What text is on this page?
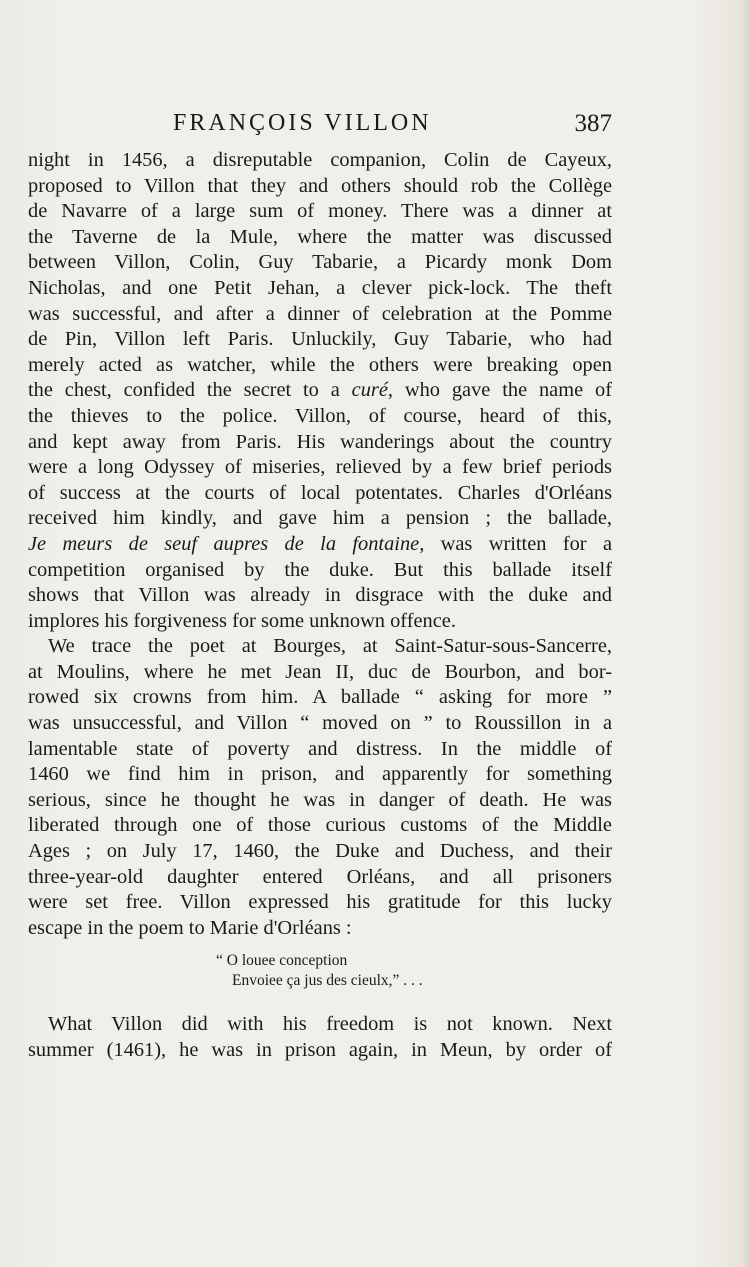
FRANÇOIS VILLON	387
night in 1456, a disreputable companion, Colin de Cayeux,
proposed to Villon that they and others should rob the Collège
de Navarre of a large sum of money. There was a dinner at
the Taverne de la Mule, where the matter was discussed
between Villon, Colin, Guy Tabarie, a Picardy monk Dom
Nicholas, and one Petit Jehan, a clever pick-lock. The theft
was successful, and after a dinner of celebration at the Pomme
de Pin, Villon left Paris. Unluckily, Guy Tabarie, who had
merely acted as watcher, while the others were breaking open
the chest, confided the secret to a curé, who gave the name of
the thieves to the police. Villon, of course, heard of this,
and kept away from Paris. His wanderings about the country
were a long Odyssey of miseries, relieved by a few brief periods
of success at the courts of local potentates. Charles d'Orléans
received him kindly, and gave him a pension ; the ballade,
Je meurs de seuf aupres de la fontaine, was written for a
competition organised by the duke. But this ballade itself
shows that Villon was already in disgrace with the duke and
implores his forgiveness for some unknown offence.
We trace the poet at Bourges, at Saint-Satur-sous-Sancerre,
at Moulins, where he met Jean II, duc de Bourbon, and bor-
rowed six crowns from him. A ballade “ asking for more ”
was unsuccessful, and Villon “ moved on ” to Roussillon in a
lamentable state of poverty and distress. In the middle of
1460 we find him in prison, and apparently for something
serious, since he thought he was in danger of death. He was
liberated through one of those curious customs of the Middle
Ages ; on July 17, 1460, the Duke and Duchess, and their
three-year-old daughter entered Orléans, and all prisoners
were set free. Villon expressed his gratitude for this lucky
escape in the poem to Marie d'Orléans :
“ O louee conception
Envoiee ça jus des cieulx,” . . .
What Villon did with his freedom is not known. Next
summer (1461), he was in prison again, in Meun, by order of
